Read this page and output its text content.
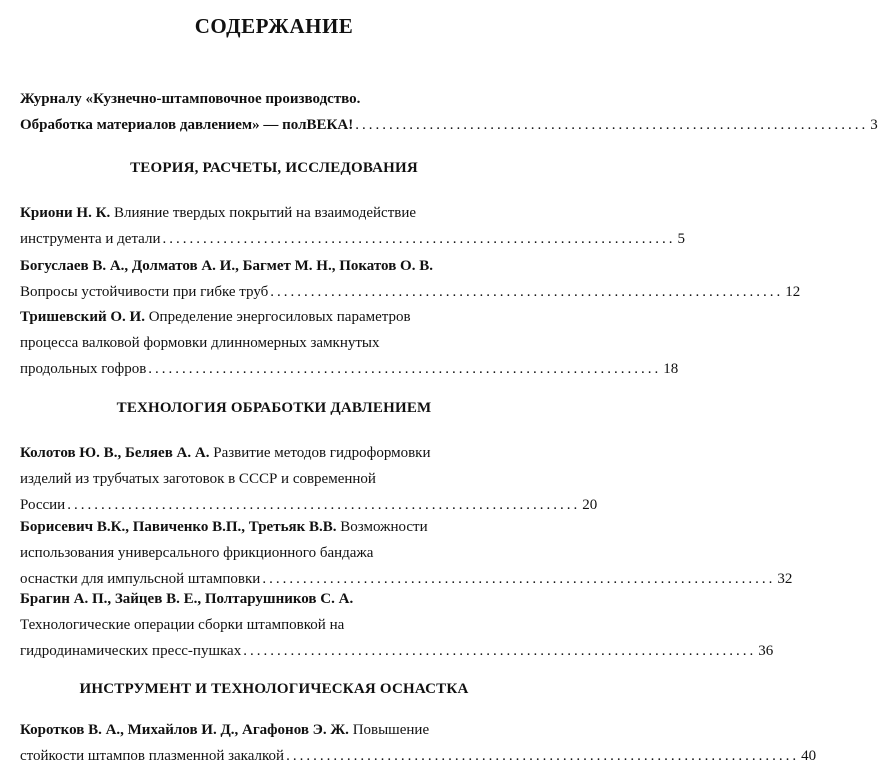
СОДЕРЖАНИЕ
Журналу «Кузнечно-штамповочное производство.
Обработка материалов давлением» — полВЕКА! ............................................................................ 3
ТЕОРИЯ, РАСЧЕТЫ, ИССЛЕДОВАНИЯ
Криони Н. К. Влияние твердых покрытий на взаимодействие
инструмента и детали ............................................................................ 5
Богуслаев В. А., Долматов А. И., Багмет М. Н., Покатов О. В.
Вопросы устойчивости при гибке труб ............................................................................ 12
Тришевский О. И. Определение энергосиловых параметров
процесса валковой формовки длинномерных замкнутых
продольных гофров ............................................................................ 18
ТЕХНОЛОГИЯ ОБРАБОТКИ ДАВЛЕНИЕМ
Колотов Ю. В., Беляев А. А. Развитие методов гидроформовки
изделий из трубчатых заготовок в СССР и современной
России ............................................................................ 20
Борисевич В.К., Павиченко В.П., Третьяк В.В. Возможности
использования универсального фрикционного бандажа
оснастки для импульсной штамповки ............................................................................ 32
Брагин А. П., Зайцев В. Е., Полтарушников С. А.
Технологические операции сборки штамповкой на
гидродинамических пресс-пушках ............................................................................ 36
ИНСТРУМЕНТ И ТЕХНОЛОГИЧЕСКАЯ ОСНАСТКА
Коротков В. А., Михайлов И. Д., Агафонов Э. Ж. Повышение
стойкости штампов плазменной закалкой ............................................................................ 40
